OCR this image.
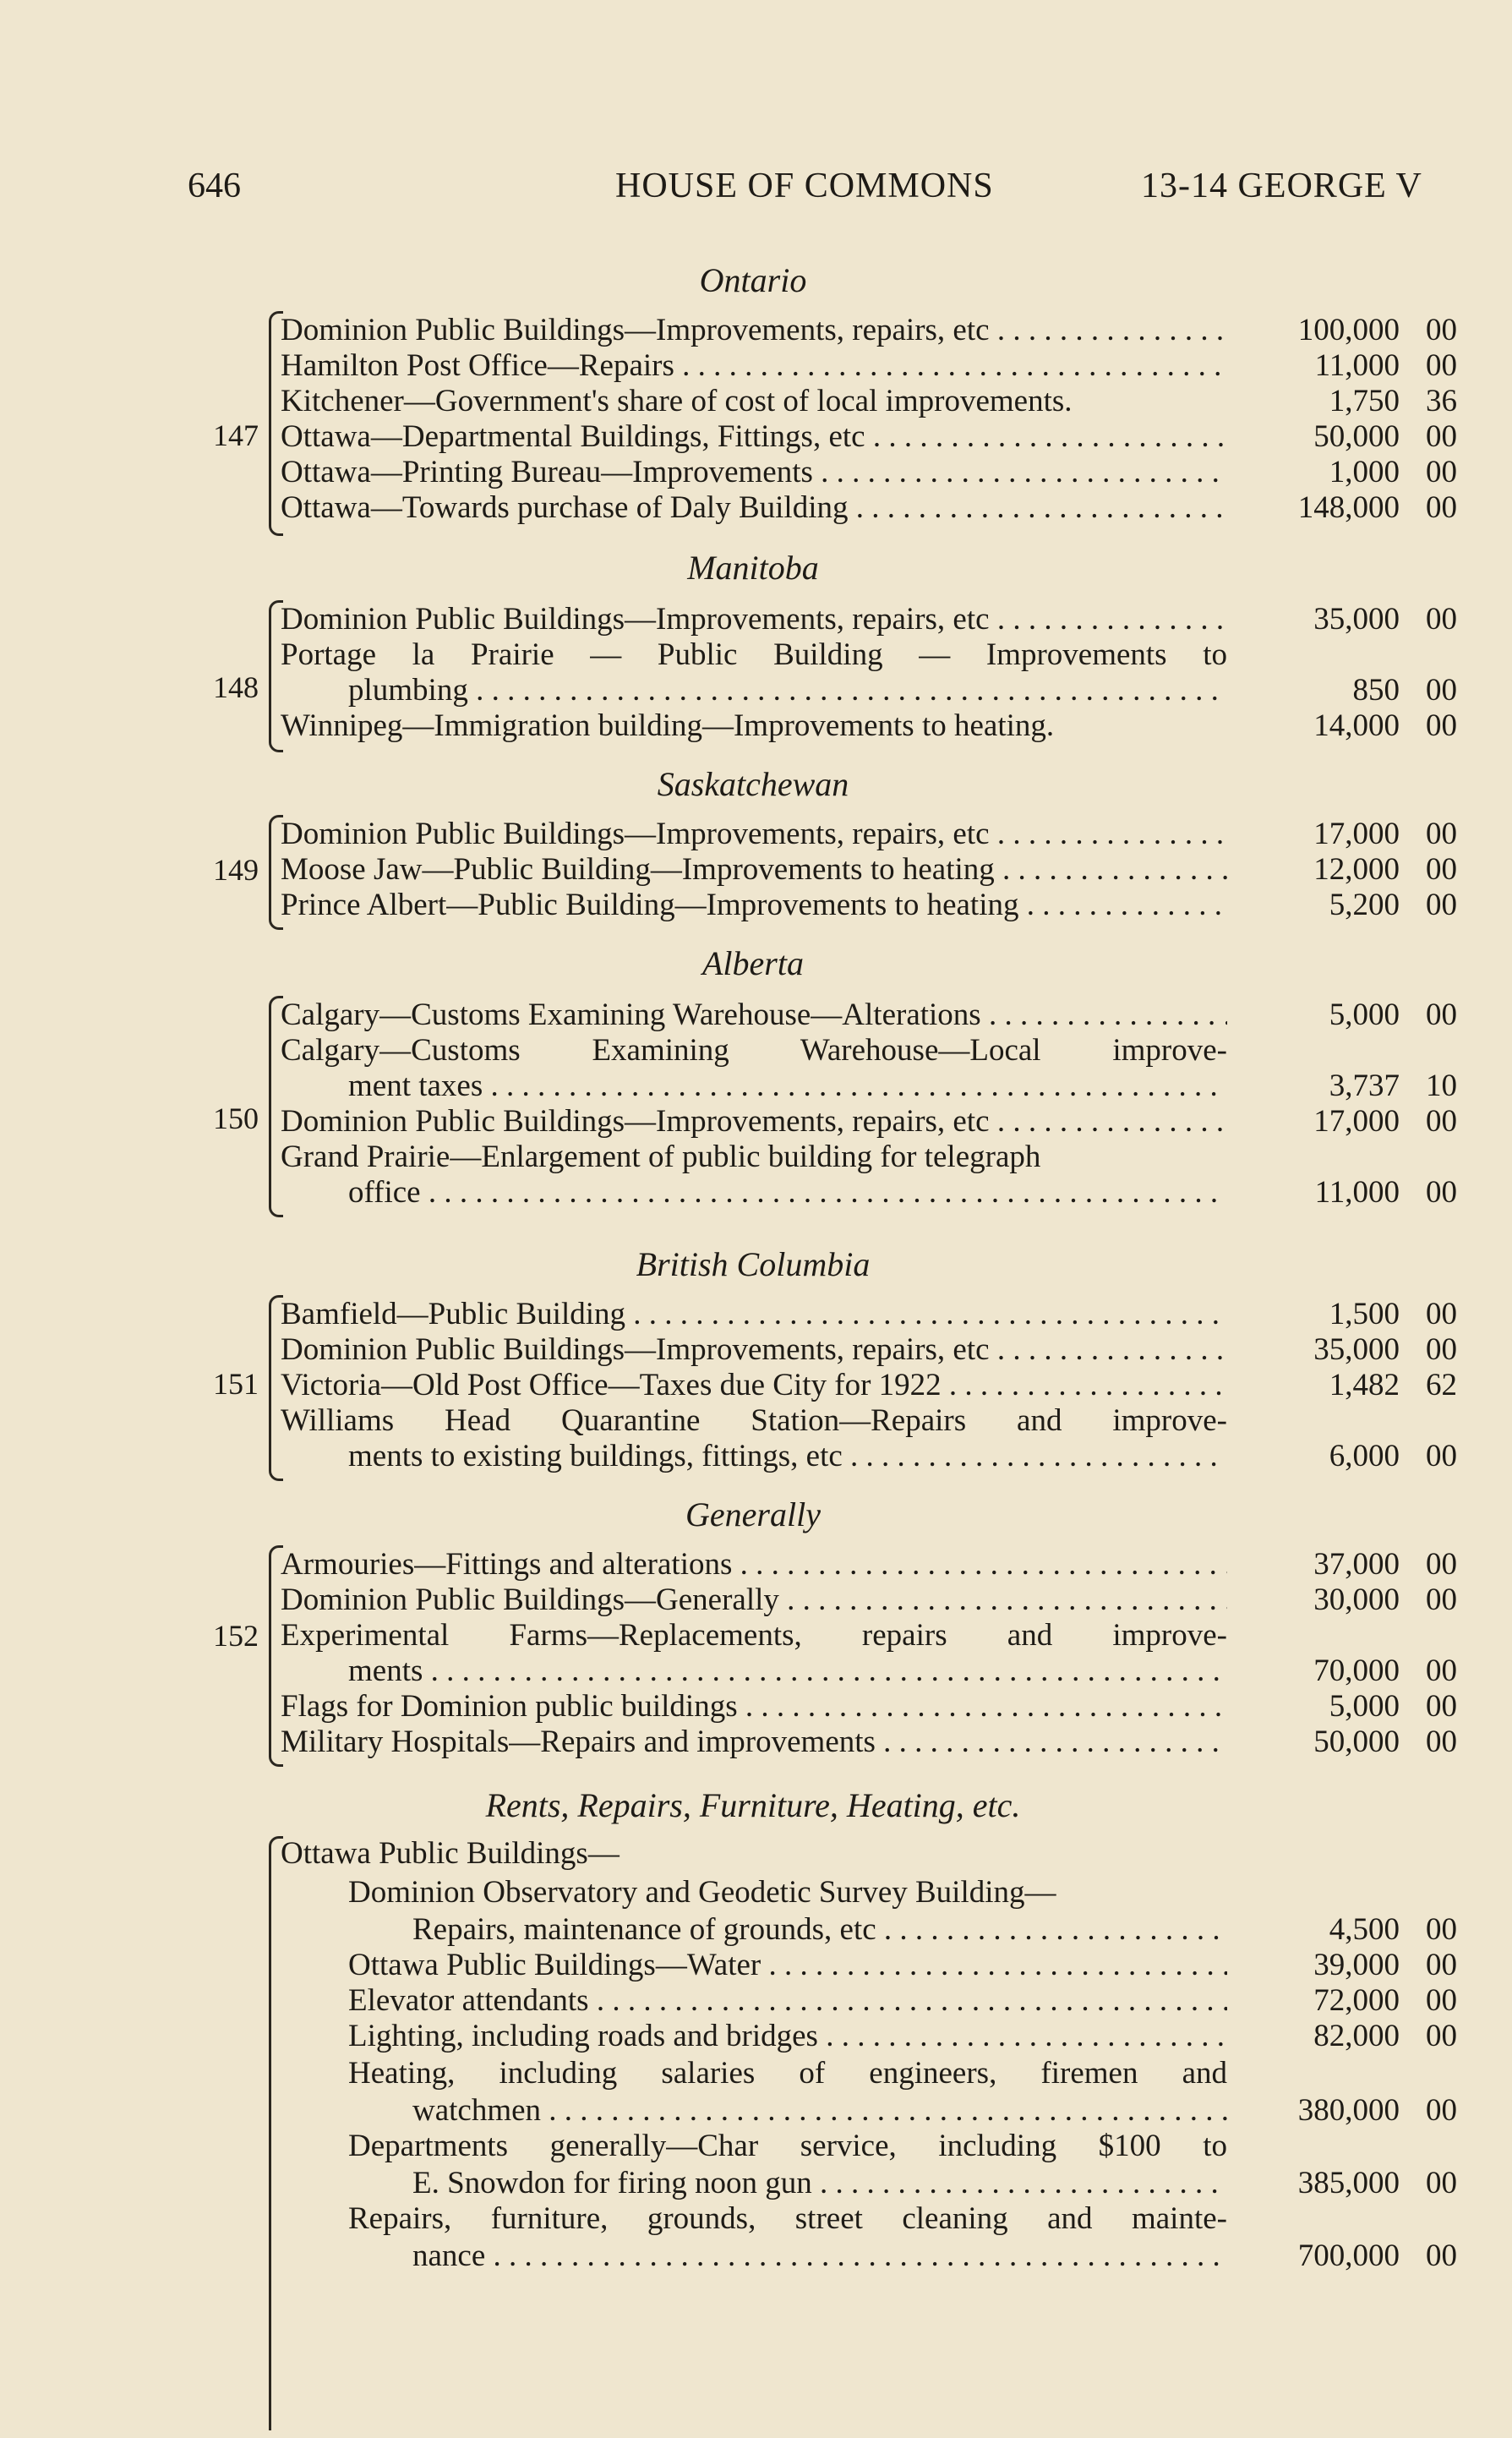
646	HOUSE OF COMMONS	13-14 GEORGE V
Ontario
147
Dominion Public Buildings—Improvements, repairs, etc . . .	100,000 00
Hamilton Post Office—Repairs . . .	11,000 00
Kitchener—Government's share of cost of local improvements.	1,750 36
Ottawa—Departmental Buildings, Fittings, etc . . .	50,000 00
Ottawa—Printing Bureau—Improvements . . .	1,000 00
Ottawa—Towards purchase of Daly Building . . .	148,000 00
Manitoba
148
Dominion Public Buildings—Improvements, repairs, etc . . .	35,000 00
Portage la Prairie — Public Building — Improvements to
plumbing . . .	850 00
Winnipeg—Immigration building—Improvements to heating.	14,000 00
Saskatchewan
149
Dominion Public Buildings—Improvements, repairs, etc . . .	17,000 00
Moose Jaw—Public Building—Improvements to heating . . .	12,000 00
Prince Albert—Public Building—Improvements to heating . . .	5,200 00
Alberta
150
Calgary—Customs Examining Warehouse—Alterations . . .	5,000 00
Calgary—Customs Examining Warehouse—Local improve-
ment taxes . . .	3,737 10
Dominion Public Buildings—Improvements, repairs, etc . . .	17,000 00
Grand Prairie—Enlargement of public building for telegraph
office . . .	11,000 00
British Columbia
151
Bamfield—Public Building . . .	1,500 00
Dominion Public Buildings—Improvements, repairs, etc . . .	35,000 00
Victoria—Old Post Office—Taxes due City for 1922 . . .	1,482 62
Williams Head Quarantine Station—Repairs and improve-
ments to existing buildings, fittings, etc . . .	6,000 00
Generally
152
Armouries—Fittings and alterations . . .	37,000 00
Dominion Public Buildings—Generally . . .	30,000 00
Experimental Farms—Replacements, repairs and improve-
ments . . .	70,000 00
Flags for Dominion public buildings . . .	5,000 00
Military Hospitals—Repairs and improvements . . .	50,000 00
Rents, Repairs, Furniture, Heating, etc.
Ottawa Public Buildings—
Dominion Observatory and Geodetic Survey Building—
Repairs, maintenance of grounds, etc . . .	4,500 00
Ottawa Public Buildings—Water . . .	39,000 00
Elevator attendants . . .	72,000 00
Lighting, including roads and bridges . . .	82,000 00
Heating, including salaries of engineers, firemen and
watchmen . . .	380,000 00
Departments generally—Char service, including $100 to
E. Snowdon for firing noon gun . . .	385,000 00
Repairs, furniture, grounds, street cleaning and mainte-
nance . . .	700,000 00
